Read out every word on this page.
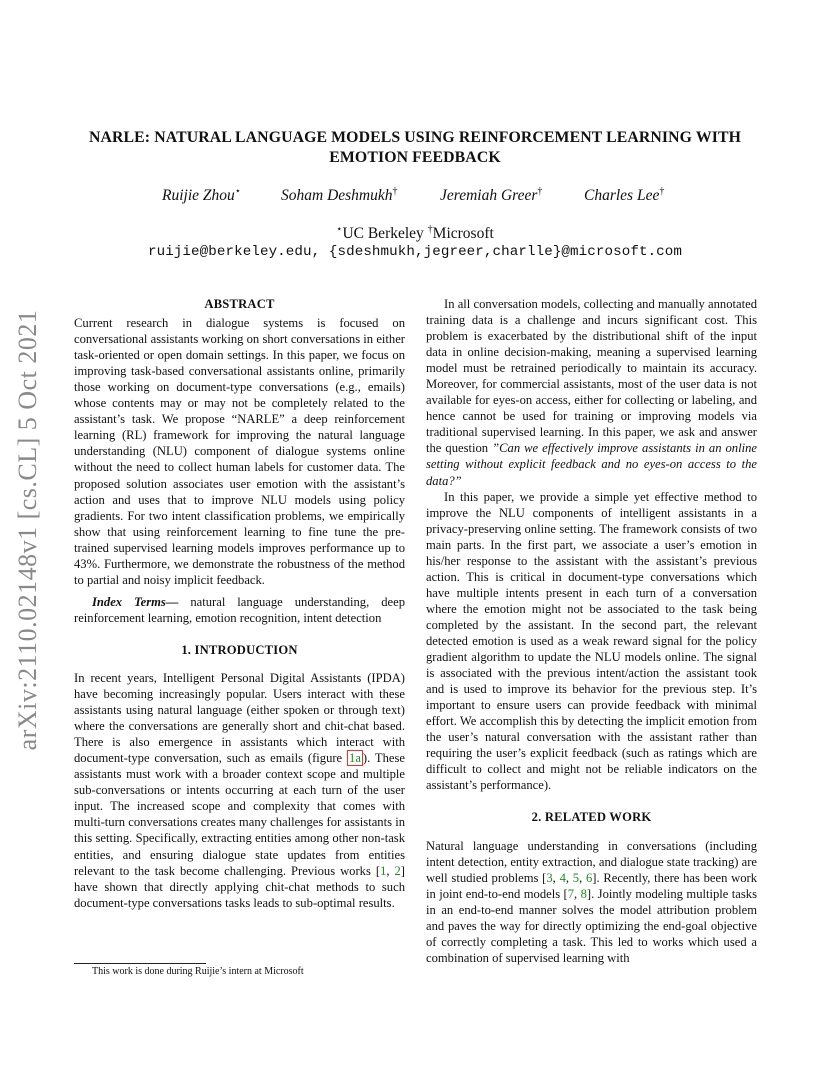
arXiv:2110.02148v1 [cs.CL] 5 Oct 2021
NARLE: NATURAL LANGUAGE MODELS USING REINFORCEMENT LEARNING WITH
EMOTION FEEDBACK
Ruijie Zhou⋆	Soham Deshmukh†	Jeremiah Greer†	Charles Lee†
⋆UC Berkeley †Microsoft
ruijie@berkeley.edu, {sdeshmukh,jegreer,charlle}@microsoft.com
ABSTRACT

Current research in dialogue systems is focused on conversational assistants working on short conversations in either task-oriented or open domain settings. In this paper, we focus on improving task-based conversational assistants online, primarily those working on document-type conversations (e.g., emails) whose contents may or may not be completely related to the assistant’s task. We propose “NARLE” a deep reinforcement learning (RL) framework for improving the natural language understanding (NLU) component of dialogue systems online without the need to collect human labels for customer data. The proposed solution associates user emotion with the assistant’s action and uses that to improve NLU models using policy gradients. For two intent classification problems, we empirically show that using reinforcement learning to fine tune the pre-trained supervised learning models improves performance up to 43%. Furthermore, we demonstrate the robustness of the method to partial and noisy implicit feedback.

Index Terms— natural language understanding, deep reinforcement learning, emotion recognition, intent detection

1. INTRODUCTION

In recent years, Intelligent Personal Digital Assistants (IPDA) have becoming increasingly popular. Users interact with these assistants using natural language (either spoken or through text) where the conversations are generally short and chit-chat based. There is also emergence in assistants which interact with document-type conversation, such as emails (figure 1a ). These assistants must work with a broader context scope and multiple sub-conversations or intents occurring at each turn of the user input. The increased scope and complexity that comes with multi-turn conversations creates many challenges for assistants in this setting. Specifically, extracting entities among other non-task entities, and ensuring dialogue state updates from entities relevant to the task become challenging. Previous works [1, 2] have shown that directly applying chit-chat methods to such document-type conversations tasks leads to sub-optimal results.

In all conversation models, collecting and manually annotated training data is a challenge and incurs significant cost. This problem is exacerbated by the distributional shift of the input data in online decision-making, meaning a supervised learning model must be retrained periodically to maintain its accuracy. Moreover, for commercial assistants, most of the user data is not available for eyes-on access, either for collecting or labeling, and hence cannot be used for training or improving models via traditional supervised learning. In this paper, we ask and answer the question ”Can we effectively improve assistants in an online setting without explicit feedback and no eyes-on access to the data?”

In this paper, we provide a simple yet effective method to improve the NLU components of intelligent assistants in a privacy-preserving online setting. The framework consists of two main parts. In the first part, we associate a user’s emotion in his/her response to the assistant with the assistant’s previous action. This is critical in document-type conversations which have multiple intents present in each turn of a conversation where the emotion might not be associated to the task being completed by the assistant. In the second part, the relevant detected emotion is used as a weak reward signal for the policy gradient algorithm to update the NLU models online. The signal is associated with the previous intent/action the assistant took and is used to improve its behavior for the previous step. It’s important to ensure users can provide feedback with minimal effort. We accomplish this by detecting the implicit emotion from the user’s natural conversation with the assistant rather than requiring the user’s explicit feedback (such as ratings which are difficult to collect and might not be reliable indicators on the assistant’s performance).

2. RELATED WORK

Natural language understanding in conversations (including intent detection, entity extraction, and dialogue state tracking) are well studied problems [3, 4, 5, 6]. Recently, there has been work in joint end-to-end models [7, 8]. Jointly modeling multiple tasks in an end-to-end manner solves the model attribution problem and paves the way for directly optimizing the end-goal objective of correctly completing a task. This led to works which used a combination of supervised learning with

This work is done during Ruijie’s intern at Microsoft
